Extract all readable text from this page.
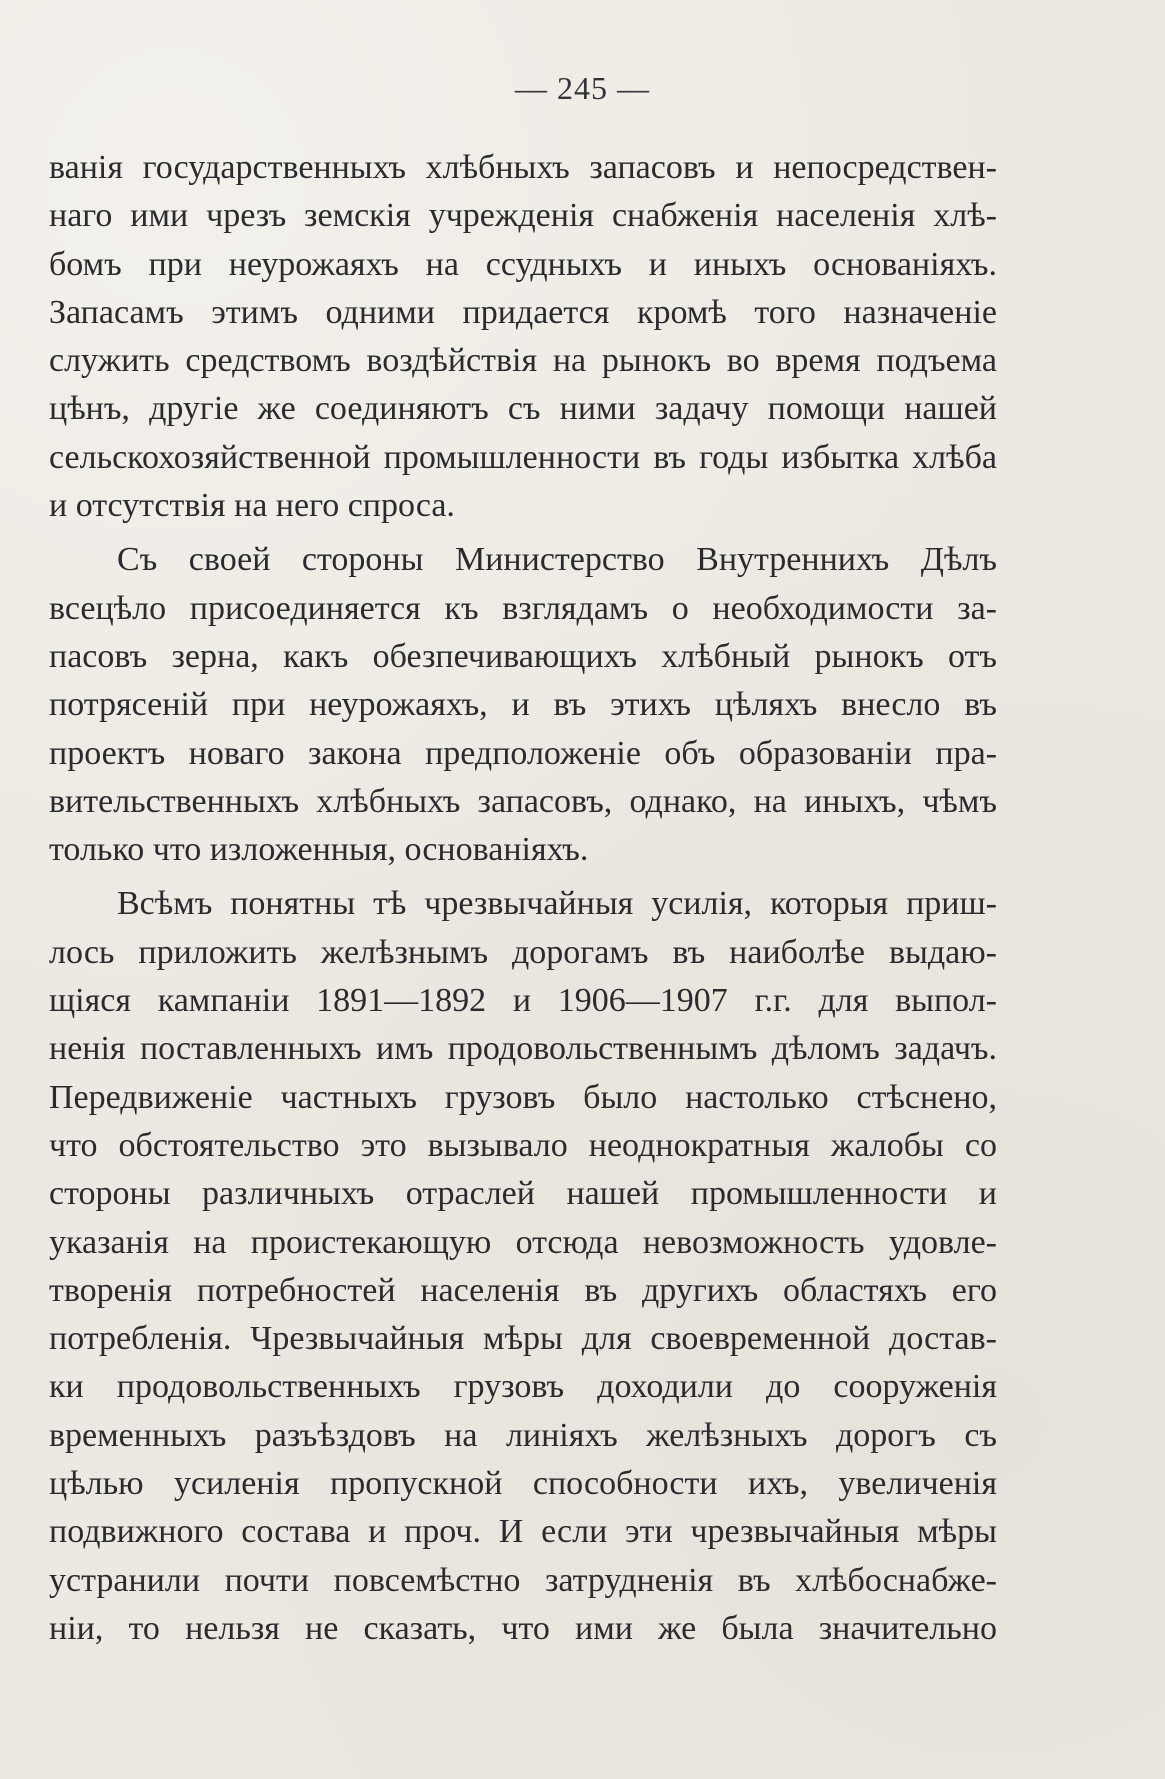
— 245 —
ванія государственныхъ хлѣбныхъ запасовъ и непосредствен-
наго ими чрезъ земскія учрежденія снабженія населенія хлѣ-
бомъ при неурожаяхъ на ссудныхъ и иныхъ основаніяхъ.
Запасамъ этимъ одними придается кромѣ того назначеніе
служить средствомъ воздѣйствія на рынокъ во время подъема
цѣнъ, другіе же соединяютъ съ ними задачу помощи нашей
сельскохозяйственной промышленности въ годы избытка хлѣба
и отсутствія на него спроса.
Съ своей стороны Министерство Внутреннихъ Дѣлъ
всецѣло присоединяется къ взглядамъ о необходимости за-
пасовъ зерна, какъ обезпечивающихъ хлѣбный рынокъ отъ
потрясеній при неурожаяхъ, и въ этихъ цѣляхъ внесло въ
проектъ новаго закона предположеніе объ образованіи пра-
вительственныхъ хлѣбныхъ запасовъ, однако, на иныхъ, чѣмъ
только что изложенныя, основаніяхъ.
Всѣмъ понятны тѣ чрезвычайныя усилія, которыя приш-
лось приложить желѣзнымъ дорогамъ въ наиболѣе выдаю-
щіяся кампаніи 1891—1892 и 1906—1907 г.г. для выпол-
ненія поставленныхъ имъ продовольственнымъ дѣломъ задачъ.
Передвиженіе частныхъ грузовъ было настолько стѣснено,
что обстоятельство это вызывало неоднократныя жалобы со
стороны различныхъ отраслей нашей промышленности и
указанія на проистекающую отсюда невозможность удовле-
творенія потребностей населенія въ другихъ областяхъ его
потребленія. Чрезвычайныя мѣры для своевременной достав-
ки продовольственныхъ грузовъ доходили до сооруженія
временныхъ разъѣздовъ на линіяхъ желѣзныхъ дорогъ съ
цѣлью усиленія пропускной способности ихъ, увеличенія
подвижного состава и проч. И если эти чрезвычайныя мѣры
устранили почти повсемѣстно затрудненія въ хлѣбоснабже-
ніи, то нельзя не сказать, что ими же была значительно
